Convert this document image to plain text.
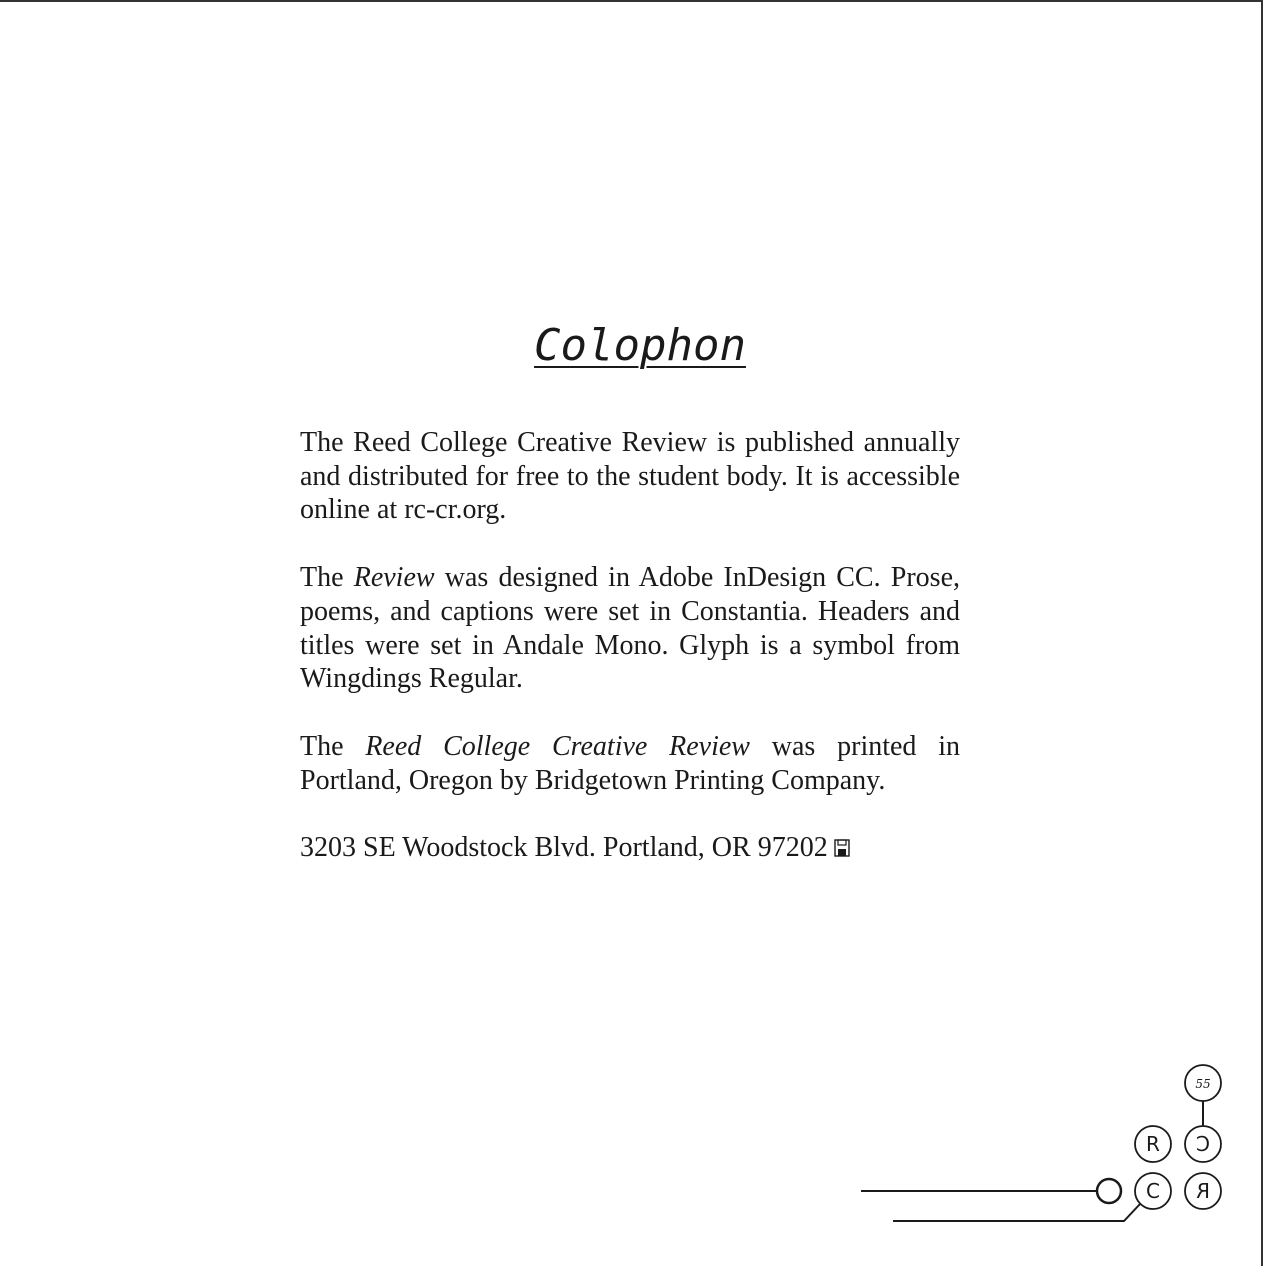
Colophon

The Reed College Creative Review is published annually and distributed for free to the student body. It is accessible online at rc-cr.org.

The Review was designed in Adobe InDesign CC. Prose, poems, and captions were set in Constantia. Headers and titles were set in Andale Mono. Glyph is a symbol from Wingdings Regular.

The Reed College Creative Review was printed in Portland, Oregon by Bridgetown Printing Company.

3203 SE Woodstock Blvd. Portland, OR 97202

55
R C
C R
